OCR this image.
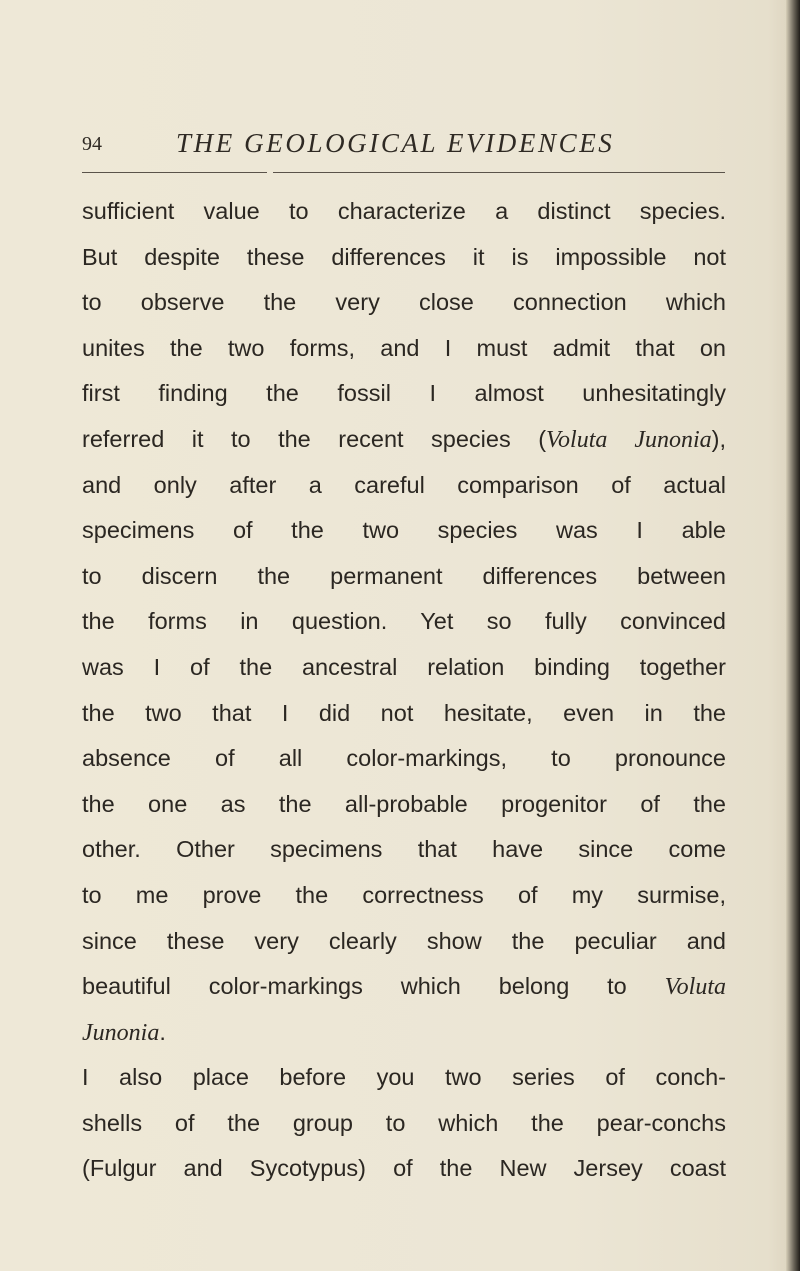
94	THE GEOLOGICAL EVIDENCES
sufficient value to characterize a distinct species.
But despite these differences it is impossible not
to observe the very close connection which
unites the two forms, and I must admit that on
first finding the fossil I almost unhesitatingly
referred it to the recent species (Voluta Junonia),
and only after a careful comparison of actual
specimens of the two species was I able
to discern the permanent differences between
the forms in question. Yet so fully convinced
was I of the ancestral relation binding together
the two that I did not hesitate, even in the
absence of all color-markings, to pronounce
the one as the all-probable progenitor of the
other. Other specimens that have since come
to me prove the correctness of my surmise,
since these very clearly show the peculiar and
beautiful color-markings which belong to Voluta
Junonia.
I also place before you two series of conch-
shells of the group to which the pear-conchs
(Fulgur and Sycotypus) of the New Jersey coast
